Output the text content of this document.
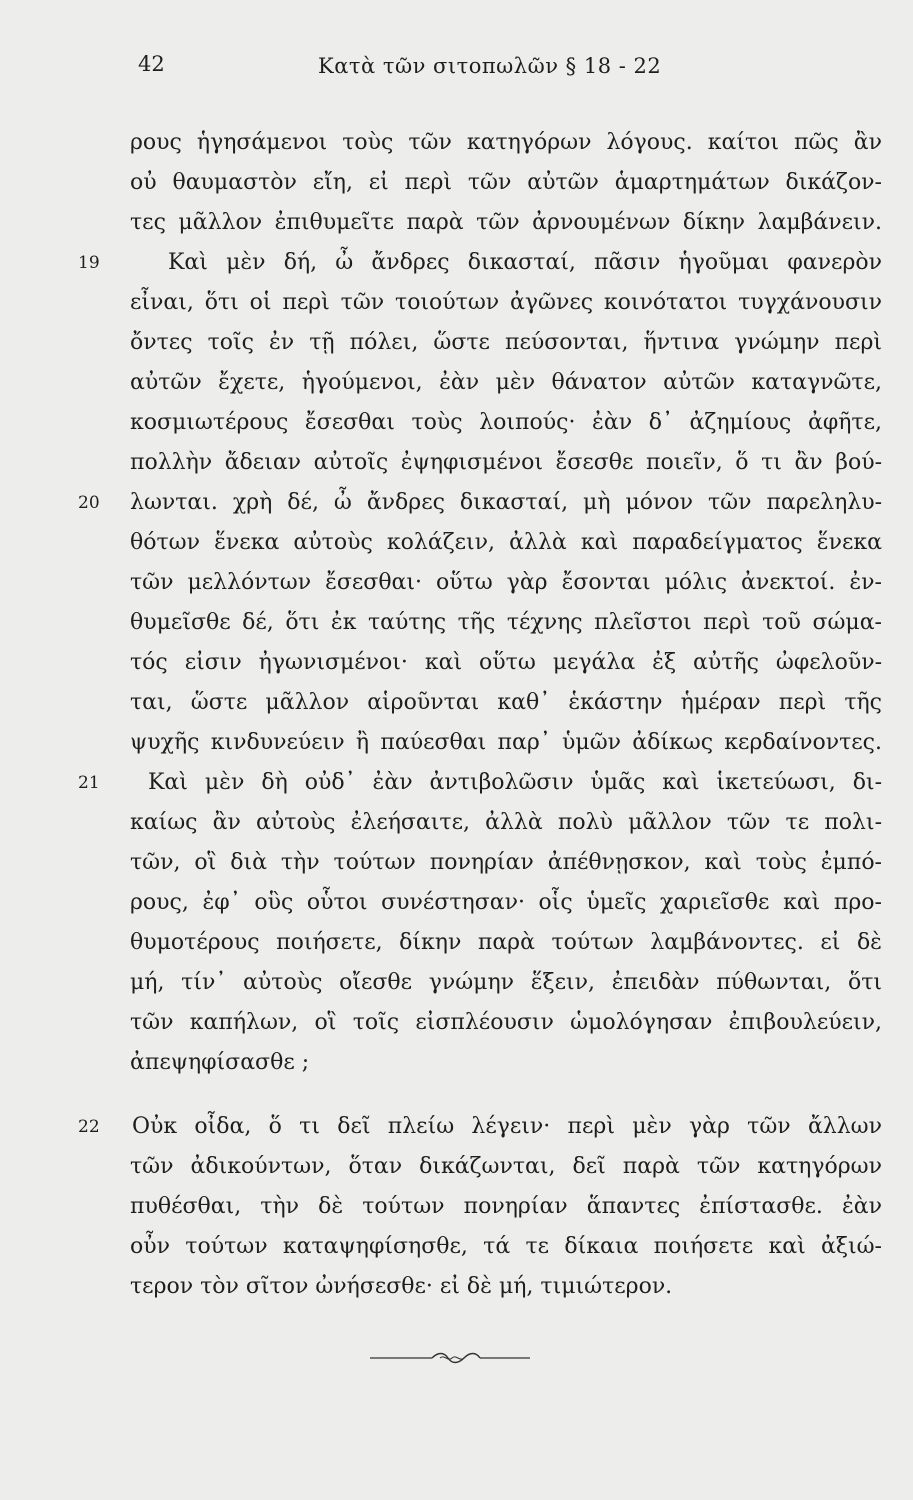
42	Κατὰ τῶν σιτοπωλῶν § 18 - 22
ρους ἡγησάμενοι τοὺς τῶν κατηγόρων λόγους. καίτοι πῶς ἂν
οὐ θαυμαστὸν εἴη, εἰ περὶ τῶν αὐτῶν ἁμαρτημάτων δικάζον-
τες μᾶλλον ἐπιθυμεῖτε παρὰ τῶν ἀρνουμένων δίκην λαμβάνειν.
19	Καὶ μὲν δή, ὦ ἄνδρες δικασταί, πᾶσιν ἡγοῦμαι φανερὸν
εἶναι, ὅτι οἱ περὶ τῶν τοιούτων ἀγῶνες κοινότατοι τυγχάνουσιν
ὄντες τοῖς ἐν τῇ πόλει, ὥστε πεύσονται, ἥντινα γνώμην περὶ
αὐτῶν ἔχετε, ἡγούμενοι, ἐὰν μὲν θάνατον αὐτῶν καταγνῶτε,
κοσμιωτέρους ἔσεσθαι τοὺς λοιπούς· ἐὰν δ᾽ ἀζημίους ἀφῆτε,
πολλὴν ἄδειαν αὐτοῖς ἐψηφισμένοι ἔσεσθε ποιεῖν, ὅ τι ἂν βού-
20 λωνται. χρὴ δέ, ὦ ἄνδρες δικασταί, μὴ μόνον τῶν παρεληλυ-
θότων ἕνεκα αὐτοὺς κολάζειν, ἀλλὰ καὶ παραδείγματος ἕνεκα
τῶν μελλόντων ἔσεσθαι· οὕτω γὰρ ἔσονται μόλις ἀνεκτοί. ἐν-
θυμεῖσθε δέ, ὅτι ἐκ ταύτης τῆς τέχνης πλεῖστοι περὶ τοῦ σώμα-
τός εἰσιν ἠγωνισμένοι· καὶ οὕτω μεγάλα ἐξ αὐτῆς ὠφελοῦν-
ται, ὥστε μᾶλλον αἱροῦνται καθ᾽ ἑκάστην ἡμέραν περὶ τῆς
ψυχῆς κινδυνεύειν ἢ παύεσθαι παρ᾽ ὑμῶν ἀδίκως κερδαίνοντες.
21 Καὶ μὲν δὴ οὐδ᾽ ἐὰν ἀντιβολῶσιν ὑμᾶς καὶ ἱκετεύωσι, δι-
καίως ἂν αὐτοὺς ἐλεήσαιτε, ἀλλὰ πολὺ μᾶλλον τῶν τε πολι-
τῶν, οἳ διὰ τὴν τούτων πονηρίαν ἀπέθνῃσκον, καὶ τοὺς ἐμπό-
ρους, ἐφ᾽ οὓς οὗτοι συνέστησαν· οἷς ὑμεῖς χαριεῖσθε καὶ προ-
θυμοτέρους ποιήσετε, δίκην παρὰ τούτων λαμβάνοντες. εἰ δὲ
μή, τίν᾽ αὐτοὺς οἴεσθε γνώμην ἕξειν, ἐπειδὰν πύθωνται, ὅτι
τῶν καπήλων, οἳ τοῖς εἰσπλέουσιν ὡμολόγησαν ἐπιβουλεύειν,
ἀπεψηφίσασθε ;
22 Οὐκ οἶδα, ὅ τι δεῖ πλείω λέγειν· περὶ μὲν γὰρ τῶν ἄλλων
τῶν ἀδικούντων, ὅταν δικάζωνται, δεῖ παρὰ τῶν κατηγόρων
πυθέσθαι, τὴν δὲ τούτων πονηρίαν ἅπαντες ἐπίστασθε. ἐὰν
οὖν τούτων καταψηφίσησθε, τά τε δίκαια ποιήσετε καὶ ἀξιώ-
τερον τὸν σῖτον ὠνήσεσθε· εἰ δὲ μή, τιμιώτερον.
